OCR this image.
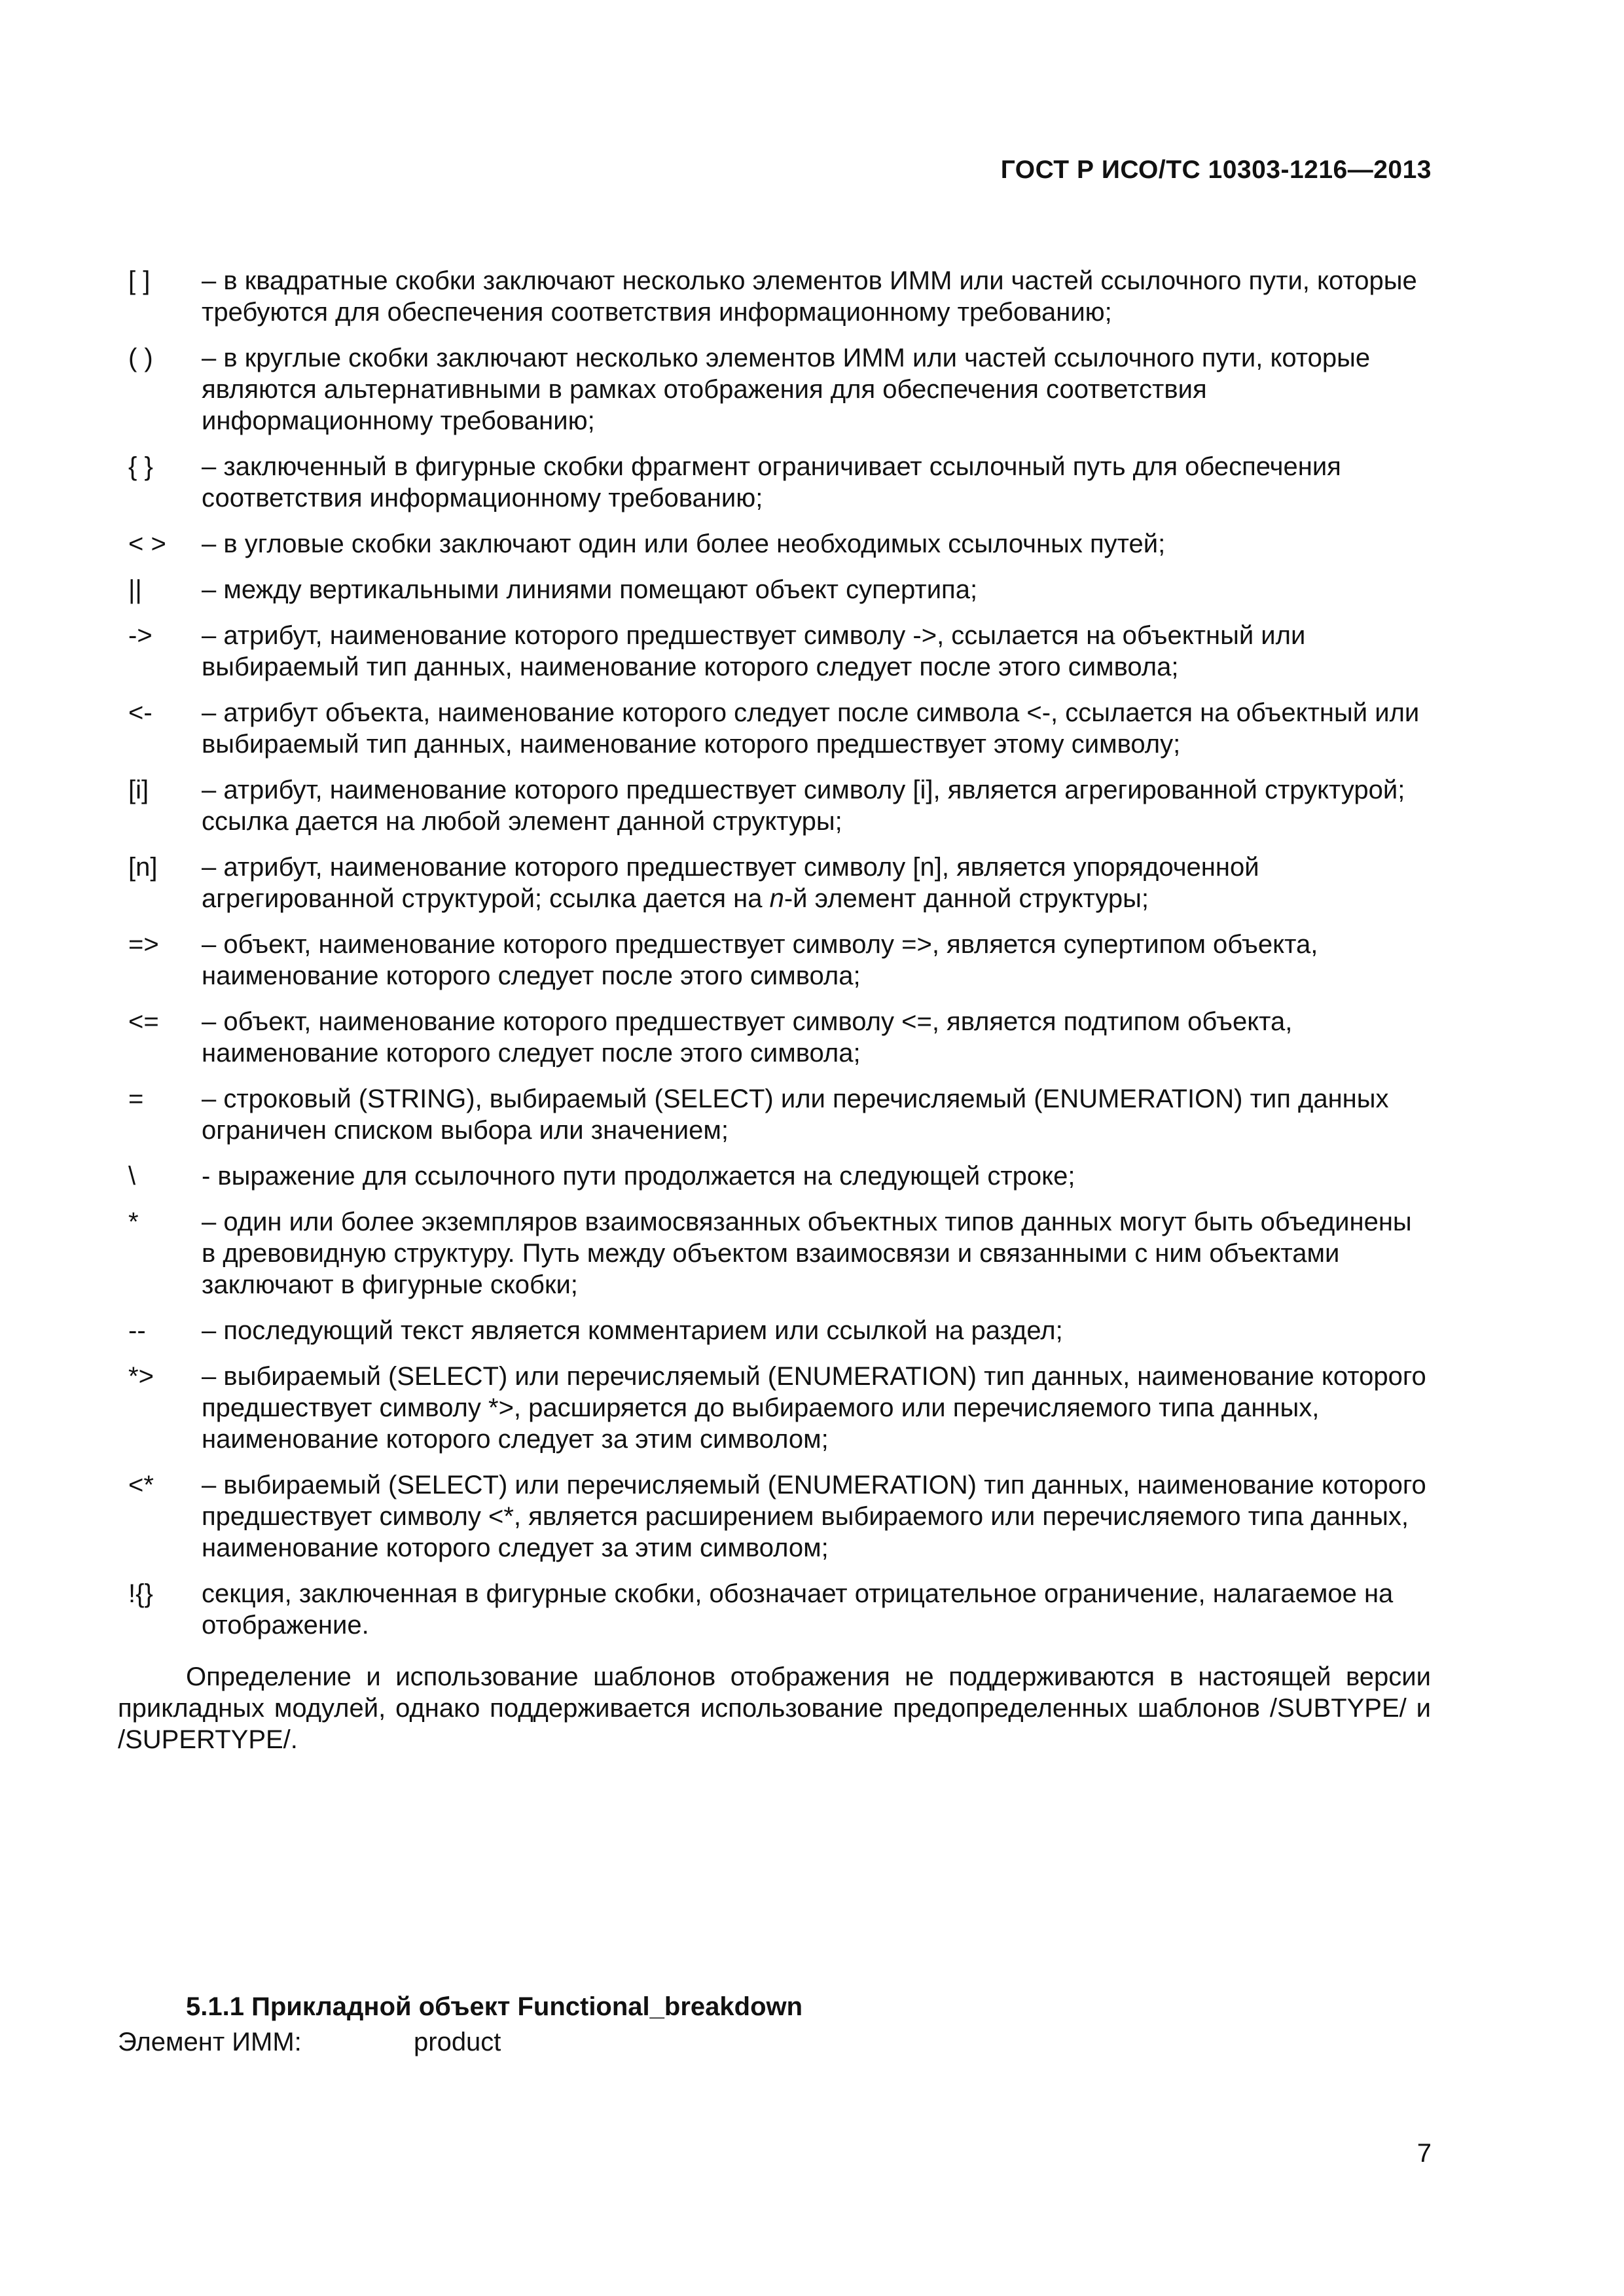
ГОСТ Р ИСО/ТС 10303-1216—2013
[ ]	– в квадратные скобки заключают несколько элементов ИММ или частей ссылочного пути, которые требуются для обеспечения соответствия информационному требованию;
( )	– в круглые скобки заключают несколько элементов ИММ или частей ссылочного пути, которые являются альтернативными в рамках отображения для обеспечения соответствия информационному требованию;
{ }	– заключенный в фигурные скобки фрагмент ограничивает ссылочный путь для обеспечения соответствия информационному требованию;
< >	– в угловые скобки заключают один или более необходимых ссылочных путей;
||	– между вертикальными линиями помещают объект супертипа;
->	– атрибут, наименование которого предшествует символу ->, ссылается на объектный или выбираемый тип данных, наименование которого следует после этого символа;
<-	– атрибут объекта, наименование которого следует после символа <-, ссылается на объектный или выбираемый тип данных, наименование которого предшествует этому символу;
[i]	– атрибут, наименование которого предшествует символу [i], является агрегированной структурой; ссылка дается на любой элемент данной структуры;
[n]	– атрибут, наименование которого предшествует символу [n], является упорядоченной агрегированной структурой; ссылка дается на n-й элемент данной структуры;
=>	– объект, наименование которого предшествует символу =>, является супертипом объекта, наименование которого следует после этого символа;
<=	– объект, наименование которого предшествует символу <=, является подтипом объекта, наименование которого следует после этого символа;
=	– строковый (STRING), выбираемый (SELECT) или перечисляемый (ENUMERATION) тип данных ограничен списком выбора или значением;
\	- выражение для ссылочного пути продолжается на следующей строке;
*	– один или более экземпляров взаимосвязанных объектных типов данных могут быть объединены в древовидную структуру. Путь между объектом взаимосвязи и связанными с ним объектами заключают в фигурные скобки;
--	– последующий текст является комментарием или ссылкой на раздел;
*>	– выбираемый (SELECT) или перечисляемый (ENUMERATION) тип данных, наименование которого предшествует символу *>, расширяется до выбираемого или перечисляемого типа данных, наименование которого следует за этим символом;
<*	– выбираемый (SELECT) или перечисляемый (ENUMERATION) тип данных, наименование которого предшествует символу <*, является расширением выбираемого или перечисляемого типа данных, наименование которого следует за этим символом;
!{}	секция, заключенная в фигурные скобки, обозначает отрицательное ограничение, налагаемое на отображение.
Определение и использование шаблонов отображения не поддерживаются в настоящей версии прикладных модулей, однако поддерживается использование предопределенных шаблонов /SUBTYPE/ и /SUPERTYPE/.
5.1.1 Прикладной объект Functional_breakdown
Элемент ИММ:	product
7
